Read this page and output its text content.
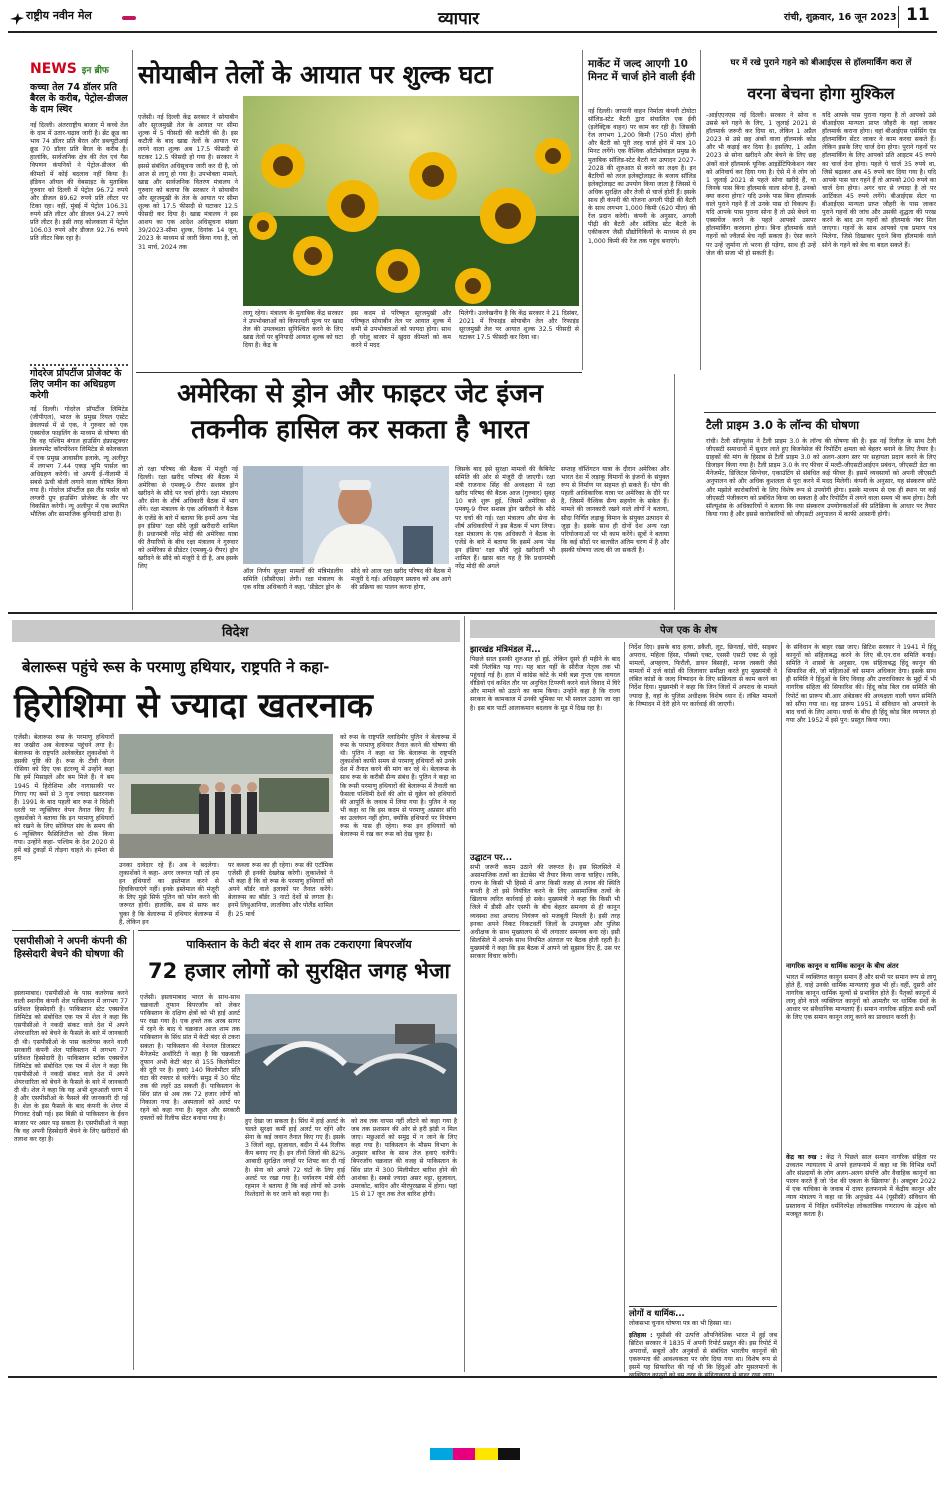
राष्ट्रीय नवीन मेल	व्यापार	रांची, शुक्रवार, 16 जून 2023 11
NEWS इन ब्रीफ
कच्चा तेल 74 डॉलर प्रति बैरल के करीब, पेट्रोल-डीजल के दाम स्थिर
नई दिल्ली। अंतरराष्ट्रीय बाजार में कच्चे तेल के दाम में उतार-चढ़ाव जारी है। ब्रेंट क्रूड का भाव 74 डॉलर प्रति बैरल और डब्ल्यूटीआई क्रूड 70 डॉलर प्रति बैरल के करीब है। हालांकि, सार्वजनिक क्षेत्र की तेल एवं गैस विपणन कंपनियों ने पेट्रोल-डीजल की कीमतों में कोई बदलाव नहीं किया है। इंडियन ऑयल की वेबसाइट के मुताबिक गुरुवार को दिल्ली में पेट्रोल 96.72 रुपये और डीजल 89.62 रुपये प्रति लीटर पर टिका रहा। वहीं, मुंबई में पेट्रोल 106.31 रुपये प्रति लीटर और डीजल 94.27 रुपये प्रति लीटर है। इसी तरह कोलकाता में पेट्रोल 106.03 रुपये और डीजल 92.76 रुपये प्रति लीटर बिक रहा है।
गोदरेज प्रॉपर्टीज प्रोजेक्ट के लिए जमीन का अधिग्रहण करेगी
नई दिल्ली। गोदरेज प्रॉपर्टीज लिमिटेड (जीपीएल), भारत के प्रमुख रियल एस्टेट डेवलपर्स में से एक, ने गुरुवार को एक एक्सचेंज फाइलिंग के माध्यम से घोषणा की कि वह पश्चिम बंगाल हाउसिंग इंफ्रास्ट्रक्चर डेवलपमेंट कॉरपोरेशन लिमिटेड से कोलकाता में एक प्रमुख आवासीय इलाके, न्यू अलीपुर में लगभग 7.44 एकड़ भूमि पार्सल का अधिग्रहण करेगी। वो अपनी ई-नीलामी में सबसे ऊंची बोली लगाने वाला घोषित किया गया है। गोदरेज प्रॉपर्टीज इस लैंड पार्सल को लग्जरी ग्रुप हाउसिंग प्रोजेक्ट के तौर पर विकसित करेगी। न्यू अलीपुर में एक स्थापित भौतिक और सामाजिक बुनियादी ढांचा है।
सोयाबीन तेलों के आयात पर शुल्क घटा
एजेंसी। नई दिल्ली केंद्र सरकार ने सोयाबीन और सूरजमुखी तेल के आयात पर सीमा शुल्क में 5 फीसदी की कटौती की है। इस कटौती के बाद खाद्य तेलों के आयात पर लगने वाला शुल्क अब 17.5 फीसदी से घटकर 12.5 फीसदी हो गया है। सरकार ने इससे संबंधित अधिसूचना जारी कर दी है, जो आज से लागू हो गया है। उपभोक्ता मामले, खाद्य और सार्वजनिक वितरण मंत्रालय ने गुरुवार को बताया कि सरकार ने सोयाबीन और सूरजमुखी के तेल के आयात पर सीमा शुल्क को 17.5 फीसदी से घटाकर 12.5 फीसदी कर दिया है। खाद्य मंत्रालय ने इस आशय का एक आदेश अधिसूचना संख्या 39/2023-सीमा शुल्क, दिनांक 14 जून, 2023 के माध्यम से जारी किया गया है, जो 31 मार्च, 2024 तक
लागू रहेगा। मंत्रालय के मुताबिक केंद्र सरकार ने उपभोक्ताओं को किफायती मूल्य पर खाद्य तेल की उपलब्धता सुनिश्चित करने के लिए खाद्य तेलों पर बुनियादी आयात शुल्क को घटा दिया है। केंद्र के
इस कदम से परिष्कृत सूरजमुखी और परिष्कृत सोयाबीन तेल पर आयात शुल्क में कमी से उपभोक्ताओं को फायदा होगा। साथ ही घरेलू बाजार में खुदरा कीमतों को कम करने में मदद
मिलेगी। उल्लेखनीय है कि केंद्र सरकार ने 21 दिसंबर, 2021 में रिफाइंड सोयाबीन तेल और रिफाइंड सूरजमुखी तेल पर आयात शुल्क 32.5 फीसदी से घटाकर 17.5 फीसदी कर दिया था।
मार्केट में जल्द आएगी 10 मिनट में चार्ज होने वाली ईवी
नई दिल्ली। जापानी वाहन निर्माता कंपनी टोयोटा सॉलिड-स्टेट बैटरी द्वारा संचालित एक ईवी (इलेक्ट्रिक वाहन) पर काम कर रही है। जिसकी रेंज लगभग 1,200 किमी (750 मील) होगी और बैटरी को पूरी तरह चार्ज होने में मात्र 10 मिनट लगेंगे। एक वैश्विक ऑटोमोबाइल प्रमुख के मुताबिक सॉलिड-स्टेट बैटरी का उत्पादन 2027-2028 की शुरुआत से करने का लक्ष्य है। इन बैटरियों को तरल इलेक्ट्रोलाइट के बजाय सॉलिड इलेक्ट्रोलाइट का उपयोग किया जाता है जिससे ये अधिक सुरक्षित और तेजी से चार्ज होती हैं। इसके साथ ही कंपनी की योजना अगली पीढ़ी की बैटरी के साथ लगभग 1,000 किमी (620 मील) की रेंज प्रदान करेगी। कंपनी के अनुसार, अगली पीढ़ी की बैटरी और सॉलिड स्टेट बैटरी के एकीकरण जैसी प्रौद्योगिकियों के माध्यम से हम 1,000 किमी की रेंज तक पहुंच बनाएंगे।
घर में रखे पुराने गहने को बीआईएस से हॉलमार्किंग करा लें
वरना बेचना होगा मुश्किल
-आईएएनएस नई दिल्ली। सरकार ने सोना व उससे बने गहने के लिए, 1 जुलाई 2021 से हॉलमार्क जरूरी कर दिया था, लेकिन 1 अप्रैल 2023 से उसे छह अंकों वाला हॉलमार्क कोड और भी कड़ाई कर दिया है। इसलिए, 1 अप्रैल 2023 से सोना खरीदने और बेचने के लिए छह अंकों वाले हॉलमार्क यूनिक आइडेंटिफिकेशन नंबर को अनिवार्य कर दिया गया है। ऐसे में वे लोग जो 1 जुलाई 2021 से पहले सोना खरीदे हैं, या जिनके पास बिना हॉलमार्क वाला सोना है, उनको क्या करना होगा? यदि उनके पास बिना हॉलमार्क वाले पुराने गहने हैं तो उनके पास दो विकल्प हैं। यदि आपके पास पुराना सोना है तो उसे बेचने या एक्सचेंज करने के पहले आपको उसपर हॉलमार्किंग करवाना होगा। बिना हॉलमार्क वाले गहनों को ज्वैलर्स बेच नहीं सकता है। ऐसा करने पर उन्हें जुर्माना तो भरना ही पड़ेगा, साथ ही उन्हें जेल की सजा भी हो सकती है।
यदि आपके पास पुराना गहना है तो आपको उसे बीआईएस मान्यता प्राप्त जौहरी के यहां जाकर हॉलमार्क कराना होगा। वहां बीआईएस एसेसिंग एंड हॉलमार्किंग सेंटर जाकर वे काम करवा सकते हैं। लेकिन इसके लिए चार्ज देना होगा। पुराने गहनों पर हॉलमार्किंग के लिए आपको प्रति आइटम 45 रुपये का चार्ज देना होगा। पहले ये चार्ज 35 रुपये था, जिसे बढ़ाकर अब 45 रुपये कर दिया गया है। यदि आपके पास चार गहने हैं तो आपको 200 रुपये का चार्ज देना होगा। अगर चार से ज्यादा है तो पर आर्टिकल 45 रुपये लगेंगे। बीआईएस सेंटर या बीआईएस मान्यता प्राप्त जौहरी के पास जाकर पुराने गहनों की जांच और उसकी शुद्धता की परख करने के बाद उन गहनों को हॉलमार्क नंबर मिल जाएगा। गहनों के साथ आपको एक प्रमाण पत्र मिलेगा, जिसे दिखाकर पुराने बिना हॉलमार्क वाले सोने के गहने को बेच या बदल सकते हैं।
अमेरिका से ड्रोन और फाइटर जेट इंजन
तकनीक हासिल कर सकता है भारत
तो रक्षा परिषद की बैठक में मंजूरी नई दिल्ली। रक्षा खरीद परिषद की बैठक में अमेरिका से एमक्यू-9 रीपर सशस्त्र ड्रोन खरीदने के सौदे पर चर्चा होगी। रक्षा मंत्रालय और सेना के शीर्ष अधिकारी बैठक में भाग लेंगे। रक्षा मंत्रालय के एक अधिकारी ने बैठक के एजेंडे के बारे में बताया कि इनमें अन्य 'मेड इन इंडिया' रक्षा सौदे जुड़ी खरीदारी शामिल हैं। प्रधानमंत्री नरेंद्र मोदी की अमेरिका यात्रा की तैयारियों के बीच रक्षा मंत्रालय ने गुरुवार को अमेरिका से प्रीडेटर (एमक्यू-9 रीपर) ड्रोन खरीदने के सौदे को मंजूरी दे दी है, अब इसके लिए
ऑल निर्णय सुरक्षा मामलों की मंत्रिमंडलीय समिति (सीसीएस) लेगी। रक्षा मंत्रालय के एक वरिष्ठ अधिकारी ने कहा, 'प्रीडेटर ड्रोन के
सौदे को आज रक्षा खरीद परिषद की बैठक में मंजूरी दे गई। अधिग्रहण प्रस्ताव को अब आगे की प्रक्रिया का पालन करना होगा,
जिसके बाद इसे सुरक्षा मामलों की कैबिनेट समिति की ओर से मंजूरी दी जाएगी। रक्षा मंत्री राजनाथ सिंह की अध्यक्षता में रक्षा खरीद परिषद की बैठक आज (गुरुवार) सुबह 10 बजे शुरू हुई, जिसमें अमेरिका से एमक्यू-9 रीपर सशस्त्र ड्रोन खरीदने के सौदे पर चर्चा की गई। रक्षा मंत्रालय और सेना के शीर्ष अधिकारियों ने इस बैठक में भाग लिया। रक्षा मंत्रालय के एक अधिकारी ने बैठक के एजेंडे के बारे में बताया कि इसमें अन्य 'मेड इन इंडिया' रक्षा सौदे जुड़े खरीदारी भी शामिल हैं। खास बात यह है कि प्रधानमंत्री नरेंद्र मोदी की अगले
सप्ताह वॉशिंगटन यात्रा के दौरान अमेरिका और भारत देश में लड़ाकू विमानों के इंजनों के संयुक्त रूप से निर्माण पर सहमत हो सकते हैं। योग की पहली आधिकारिक यात्रा पर अमेरिका के दौरे पर है, जिसमें वैश्विक सैन्य सहयोग के संकेत हैं। मामले की जानकारी रखने वाले लोगों ने बताया, सौदा निर्णित लड़ाकू विमान के संयुक्त उत्पादन से जुड़ा है। इसके साथ ही दोनों देश अन्य रक्षा परियोजनाओं पर भी काम करेंगे। सूत्रों ने बताया कि कई सौदों पर बातचीत अंतिम चरण में है और इसकी घोषणा जल्द की जा सकती है।
टैली प्राइम 3.0 के लॉन्च की घोषणा
रांची। टैली सॉल्यूशंस ने टैली प्राइम 3.0 के लॉन्च की घोषणा की है। इस नई रिलीज़ के साथ टैली जीएसटी समाधानों में सुधार लाते हुए बिजनेसेज की रिपोर्टिंग क्षमता को बेहतर बनाने के लिए तैयार है। ग्राहकों की मांग के हिसाब से टैली प्राइम 3.0 को अलग-अलग स्तर पर सहायता प्रदान करने के लिए डिजाइन किया गया है। टैली प्राइम 3.0 के नए फीचर में मल्टी-जीएसटीआईएन प्रबंधन, जीएसटी डेटा का मैनेजमेंट, डिजिटल सिग्नेचर, एकाउंटिंग से संबंधित कई फीचर हैं। इसमें व्यवसायों को अपनी जीएसटी अनुपालन को और अधिक कुशलता से पूरा करने में मदद मिलेगी। कंपनी के अनुसार, यह संस्करण छोटे और मझोले कारोबारियों के लिए विशेष रूप से उपयोगी होगा। इसके माध्यम से एक ही स्थान पर कई जीएसटी पंजीकरण को प्रबंधित किया जा सकता है और रिपोर्टिंग में लगने वाला समय भी कम होगा। टैली सॉल्यूशंस के अधिकारियों ने बताया कि नया संस्करण उपयोगकर्ताओं की प्रतिक्रिया के आधार पर तैयार किया गया है और इससे कारोबारियों को जीएसटी अनुपालन में काफी आसानी होगी।
विदेश
बेलारूस पहुंचे रूस के परमाणु हथियार, राष्ट्रपति ने कहा-
हिरोशिमा से ज्यादा खतरनाक
एजेंसी। बेलारूस रूस के परमाणु हथियारों का जखीरा अब बेलारूस पहुंचने लगा है। बेलारूस के राष्ट्रपति अलेक्जेंडर लुकाशेंको ने इसकी पुष्टि की है। रूस के टीवी चैनल रोसिया को दिए एक इंटरव्यू में उन्होंने कहा कि हमें मिसाइलें और बम मिले हैं। ये बम 1945 में हिरोशिमा और नागासाकी पर गिराए गए बमों से 3 गुना ज्यादा खतरनाक हैं। 1991 के बाद पहली बार रूस ने विदेशी धरती पर न्यूक्लियर वेपन तैनात किए हैं। लुकाशेंको ने बताया कि इन परमाणु हथियारों को रखने के लिए सोवियत संघ के समय की 6 न्यूक्लियर फैसिलिटीज को ठीक किया गया। उन्होंने कहा- पश्चिम के देश 2020 से हमें बड़े टुकड़ों में तोड़ना चाहते थे। हमेशा से हम
उनका दावेदार रहे हैं। अब वे बदलेगा। लुकाशेंको ने कहा- अगर जरूरत पड़ी तो हम इन हथियारों का इस्तेमाल करने से हिचकिचाएंगे नहीं। इनके इस्तेमाल की मंजूरी के लिए मुझे सिर्फ पुतिन को फोन करने की जरूरत होगी। हालांकि, सब से साफ कर चुका है कि बेलारूस में हथियार बेलारूस में हैं, लेकिन इन
पर कब्जा रूस का ही रहेगा। रूस की एटॉमिक एजेंसी ही इनकी देखरेख करेगी। लुकाशेंको ने भी कहा है कि वो रूस के परमाणु हथियारों को अपने बॉर्डर वाले इलाकों पर तैनात करेंगे। बेलारूस का बॉर्डर 3 नाटो देशों से लगता है। इनमें लिथुआनिया, लातविया और पोलैंड शामिल हैं। 25 मार्च
को रूस के राष्ट्रपति व्लादिमीर पुतिन ने बेलारूस में रूस के परमाणु हथियार तैनात करने की घोषणा की थी। पुतिन ने कहा था कि बेलारूस के राष्ट्रपति लुकाशेंको काफी समय से परमाणु हथियारों को उनके देश में तैनात करने की मांग कर रहे थे। बेलारूस के साथ रूस के करीबी सैन्य संबंध हैं। पुतिन ने कहा था कि रूसी परमाणु हथियारों की बेलारूस में तैनाती का फ़ैसला पश्चिमी देशों की ओर से यूक्रेन को हथियारों की आपूर्ति के जवाब में लिया गया है। पुतिन ने यह भी कहा था कि इस कदम से परमाणु अप्रसार संधि का उल्लंघन नहीं होगा, क्योंकि हथियारों पर नियंत्रण रूस के पास ही रहेगा। रूस इन हथियारों को बेलारूस में रख कर रूस को देख चुका है।
एसपीसीओ ने अपनी कंपनी की हिस्सेदारी बेचने की घोषणा की
इस्लामाबाद। एसपीसीओ के पास कतरेगस करने वाली स्थानीय कंपनी शेल पाकिस्तान में लगभग 77 प्रतिशत हिस्सेदारी है। पाकिस्तान स्टेट एक्सचेंज लिमिटेड को संबोधित एक पत्र में शेल ने कहा कि एसपीसीओ ने नकदी संकट वाले देश में अपने शेयरधारिता को बेचने के फैसले के बारे में जानकारी दी थी। एसपीसीओ के पास कतरेगस करने वाली सरकारी कंपनी शेल पाकिस्तान में लगभग 77 प्रतिशत हिस्सेदारी है। पाकिस्तान स्टॉक एक्सचेंज लिमिटेड को संबोधित एक पत्र में शेल ने कहा कि एसपीसीओ ने नकदी संकट वाले देश में अपने शेयरधारिता को बेचने के फैसले के बारे में जानकारी दी थी। शेल ने कहा कि यह अभी शुरुआती चरण में है और एसपीसीओ के फैसले की जानकारी दी गई है। शेल के इस फैसले के बाद कंपनी के शेयर में गिरावट देखी गई। इस बिक्री से पाकिस्तान के ईंधन बाजार पर असर पड़ सकता है। एसपीसीओ ने कहा कि वह अपनी हिस्सेदारी बेचने के लिए खरीदारों की तलाश कर रहा है।
पाकिस्तान के केटी बंदर से शाम तक टकराएगा बिपरजॉय
72 हजार लोगों को सुरक्षित जगह भेजा
एजेंसी। इस्लामाबाद भारत के साथ-साथ चक्रवाती तूफान बिपरजॉय को लेकर पाकिस्तान के दक्षिण क्षेत्रों को भी हाई अलर्ट पर रखा गया है। एक हफ्ते तक अरब सागर में रहने के बाद ये चक्रवात आज शाम तक पाकिस्तान के सिंध प्रांत में केटी बंदर से टकरा सकता है। पाकिस्तान की नेशनल डिजास्टर मैनेजमेंट अथॉरिटी ने कहा है कि चक्रवाती तूफान अभी केटी बंदर से 155 किलोमीटर की दूरी पर है। हवाएं 140 किलोमीटर प्रति घंटा की रफ्तार से चलेंगी। समुद्र में 30 फीट तक की लहरें उठ सकती हैं। पाकिस्तान के सिंध प्रांत से अब तक 72 हजार लोगों को निकाला गया है। अस्पतालों को अलर्ट पर रहने को कहा गया है। स्कूल और सरकारी दफ्तरों को रिलीफ सेंटर बनाया गया है।	हुए देखा जा सकता है। सिंध में हाई अलर्ट के चलते सुरक्षा कर्मी हाई अलर्ट पर रहेंगे और सेना के कई जवान तैनात किए गए हैं। इसके 3 जिलों थट्टा, सुजावल, बदीन में 44 रिलीफ कैंप बनाए गए हैं। इन तीनों जिलों की 82% आबादी सुरक्षित जगहों पर शिफ्ट कर दी गई है। सेना को अगले 72 घंटों के लिए हाई अलर्ट पर रखा गया है। पर्यावरण मंत्री शेरी रहमान ने बताया है कि कई लोगों को उनके रिश्तेदारों के घर जाने को कहा गया है।
को तब तक वापस नहीं लौटने को कहा गया है जब तक प्रशासन की ओर से हरी झंडी न मिल जाए। मछुआरों को समुद्र में न जाने के लिए कहा गया है। पाकिस्तान के मौसम विभाग के अनुसार बारिश के साथ तेज हवाएं चलेंगी। बिपरजॉय चक्रवात की वजह से पाकिस्तान के सिंध प्रांत में 300 मिलीमीटर बारिश होने की आशंका है। सबसे ज्यादा असर थट्टा, सुजावल, उमरकोट, बादिन और मीरपुरखास में होगा। यहां 15 से 17 जून तक तेज बारिश होगी।
पेज एक के शेष
झारखंड मंत्रिमंडल में...
पिछले साल इसकी शुरुआत हो हुई, लेकिन दूसरे ही महीने के बाद मंत्री निलंबित पड़ गए। यह बात यहीं के सीरीज नेतृत्व तक भी पहुंचाई गई है। हाल में कांग्रेस कोटे के मंत्री बन्ना गुप्ता एक वायरल वीडियो एवं कथित तौर पर अनुचित टिप्पणी करने वाले विवाद में घिरे और मामले को उठाने का काम किया। उन्होंने कहा है कि राज्य सरकार के कामकाज में उनकी भूमिका पर भी सवाल उठाया जा रहा है। इस बार पार्टी आलाकमान बदलाव के मूड में दिख रहा है।
उद्घाटन पर...
सभी जरूरी कदम उठाने की जरूरत है। इस सिलसिले में असामाजिक तत्वों का डेटाबेस भी तैयार किया जाना चाहिए। ताकि, राज्य के किसी भी हिस्से में अगर किसी वजह से तनाव की स्थिति बनती है तो इसे नियंत्रित करने के लिए असामाजिक तत्वों के खिलाफ त्वरित कार्रवाई हो सके। मुख्यमंत्री ने कहा कि किसी भी जिले में डीसी और एसपी के बीच बेहतर समन्वय से ही कानून व्यवस्था तथा अपराध नियंत्रण को मजबूती मिलती है। इसी तरह इनका अपने निकट निकटवर्ती जिलों के उपायुक्त और पुलिस अधीक्षक के साथ मुख्यालय से भी लगातार समन्वय बना रहे। इसी सिलसिले में आपके साथ नियमित अंतराल पर बैठक होती रहती है। मुख्यमंत्री ने कहा कि इस बैठक में आपने जो सुझाव दिए हैं, उस पर सरकार विचार करेगी।
निर्देश दिए। इसके बाद हत्या, डकैती, लूट, छिनतई, चोरी, साइबर अपराध, महिला हिंसा, पॉक्सो एक्ट, एससी एसटी एक्ट से जुड़े मामलों, अपहरण, फिरौती, डायन बिसाही, मानव तस्करी जैसे मामलों में दर्ज कांडों की जिलावार समीक्षा करते हुए मुख्यमंत्री ने लंबित कांडों के जल्द निष्पादन के लिए सक्रियता से काम करने का निर्देश दिया। मुख्यमंत्री ने कहा कि जिन जिलों में अपराध के मामले ज्यादा है, वहां के पुलिस अधीक्षक विशेष ध्यान दें। लंबित मामलों के निष्पादन में देरी होने पर कार्रवाई की जाएगी।
लोगों व धार्मिक...
लोकसभा चुनाव घोषणा पत्र का भी हिस्सा था।
इतिहास : यूसीसी की उत्पत्ति औपनिवेशिक भारत में हुई जब ब्रिटिश सरकार ने 1835 में अपनी रिपोर्ट प्रस्तुत की। इस रिपोर्ट में अपराधों, सबूतों और अनुबंधों से संबंधित भारतीय कानूनों की एकरूपता की आवश्यकता पर जोर दिया गया था। विशेष रूप से इसमें यह सिफारिश की गई थी कि हिंदुओं और मुसलमानों के
के संविधान के बाहर रखा जाए। ब्रिटिश सरकार ने 1941 में हिंदू कानूनों को संहिताबद्ध करने के लिए बी.एन.राव समिति बनाई। समिति ने शास्त्रों के अनुसार, एक संहिताबद्ध हिंदू कानून की सिफारिश की, जो महिलाओं को समान अधिकार देगा। इसके साथ ही समिति ने हिंदुओं के लिए विवाह और उत्तराधिकार के मुद्दों में भी नागरिक संहिता की सिफारिश की। हिंदू कोड बिल राव समिति की रिपोर्ट का प्रारूप बी.आर अंबेडकर की अध्यक्षता वाली चयन समिति को सौंपा गया था। वह प्रारूप 1951 में संविधान को अपनाने के बाद चर्चा के लिए आया। चर्चा के बीच ही हिंदू कोड बिल व्यपगत हो गया और 1952 में इसे पुन: प्रस्तुत किया गया।
नागरिक कानून व धार्मिक कानून के बीच अंतर
भारत में व्यक्तिगत कानून समान हैं और सभी पर समान रूप से लागू होते हैं, चाहे उनकी धार्मिक मान्यताएं कुछ भी हों। वहीं, दूसरी ओर नागरिक कानून धार्मिक मूल्यों से प्रभावित होते हैं। पैतृकों कानूनों में लागू होने वाले व्यक्तिगत कानूनों को आमतौर पर धार्मिक ग्रंथों के आधार पर संवैधानिक मान्यताएं हैं। समान नागरिक संहिता सभी धर्मों के लिए एक समान कानून लागू करने का प्रावधान करती है।
केंद्र का रुख : केंद्र ने पिछले साल समान नागरिक संहिता पर उच्चतम न्यायालय में अपने हलफनामे में कहा था कि विभिन्न धर्मों और संप्रदायों के लोग अलग-अलग संपत्ति और वैवाहिक कानूनों का पालन करते हैं जो 'देश की एकता के खिलाफ' है। अक्टूबर 2022 में एक याचिका के जवाब में दायर हलफनामे में केंद्रीय कानून और न्याय मंत्रालय ने कहा था कि अनुच्छेद 44 (यूसीसी) संविधान की प्रस्तावना में निहित धर्मनिरपेक्ष लोकतांत्रिक गणराज्य के उद्देश्य को मजबूत करता है।
